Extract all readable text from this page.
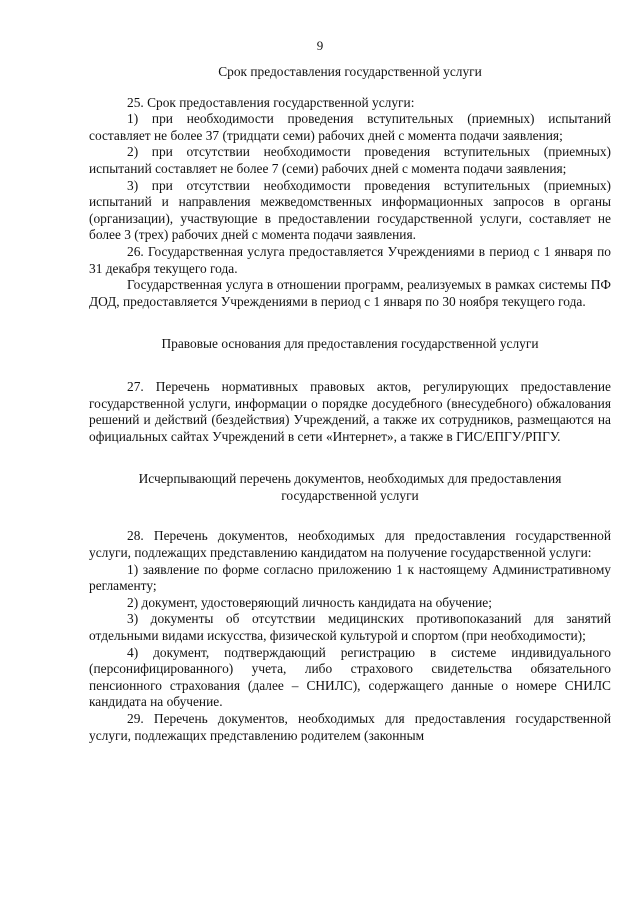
9
Срок предоставления государственной услуги

25. Срок предоставления государственной услуги:

1) при необходимости проведения вступительных (приемных) испытаний составляет не более 37 (тридцати семи) рабочих дней с момента подачи заявления;

2) при отсутствии необходимости проведения вступительных (приемных) испытаний составляет не более 7 (семи) рабочих дней с момента подачи заявления;

3) при отсутствии необходимости проведения вступительных (приемных) испытаний и направления межведомственных информационных запросов в органы (организации), участвующие в предоставлении государственной услуги, составляет не более 3 (трех) рабочих дней с момента подачи заявления.

26. Государственная услуга предоставляется Учреждениями в период с 1 января по 31 декабря текущего года.

Государственная услуга в отношении программ, реализуемых в рамках системы ПФ ДОД, предоставляется Учреждениями в период с 1 января по 30 ноября текущего года.

Правовые основания для предоставления государственной услуги

27. Перечень нормативных правовых актов, регулирующих предоставление государственной услуги, информации о порядке досудебного (внесудебного) обжалования решений и действий (бездействия) Учреждений, а также их сотрудников, размещаются на официальных сайтах Учреждений в сети «Интернет», а также в ГИС/ЕПГУ/РПГУ.

Исчерпывающий перечень документов, необходимых для предоставления государственной услуги

28. Перечень документов, необходимых для предоставления государственной услуги, подлежащих представлению кандидатом на получение государственной услуги:

1) заявление по форме согласно приложению 1 к настоящему Административному регламенту;

2) документ, удостоверяющий личность кандидата на обучение;

3) документы об отсутствии медицинских противопоказаний для занятий отдельными видами искусства, физической культурой и спортом (при необходимости);

4) документ, подтверждающий регистрацию в системе индивидуального (персонифицированного) учета, либо страхового свидетельства обязательного пенсионного страхования (далее – СНИЛС), содержащего данные о номере СНИЛС кандидата на обучение.

29. Перечень документов, необходимых для предоставления государственной услуги, подлежащих представлению родителем (законным
